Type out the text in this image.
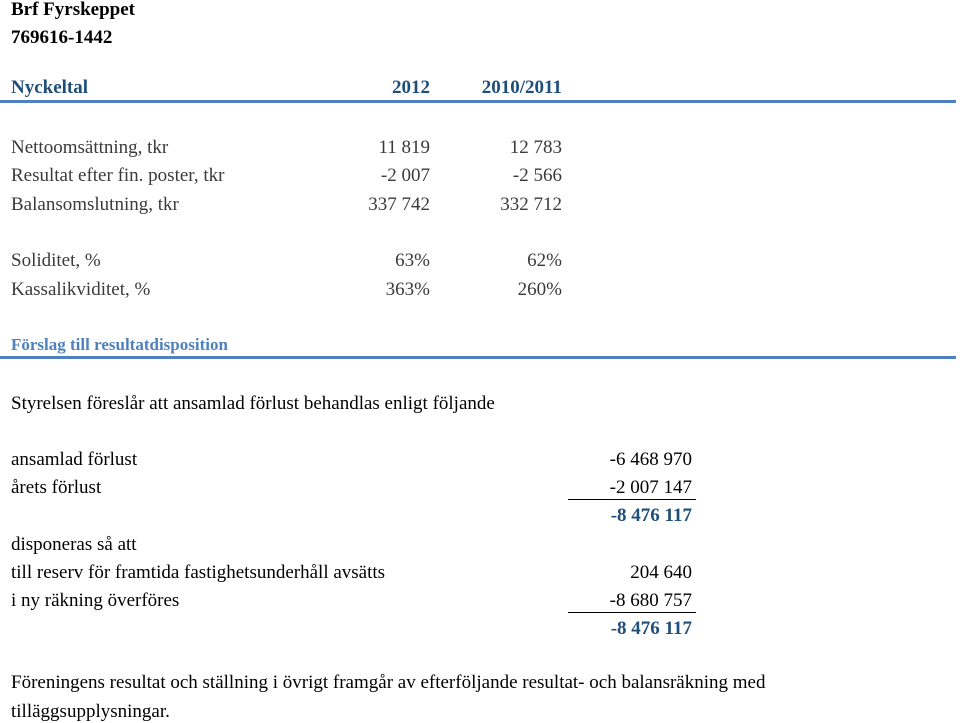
Brf Fyrskeppet
769616-1442
Nyckeltal	2012	2010/2011
Nettoomsättning, tkr	11 819	12 783
Resultat efter fin. poster, tkr	-2 007	-2 566
Balansomslutning, tkr	337 742	332 712
Soliditet, %	63%	62%
Kassalikviditet, %	363%	260%
Förslag till resultatdisposition
Styrelsen föreslår att ansamlad förlust behandlas enligt följande
ansamlad förlust	-6 468 970
årets förlust	-2 007 147
-8 476 117
disponeras så att
till reserv för framtida fastighetsunderhåll avsätts	204 640
i ny räkning överföres	-8 680 757
-8 476 117
Föreningens resultat och ställning i övrigt framgår av efterföljande resultat- och balansräkning med
tilläggsupplysningar.
